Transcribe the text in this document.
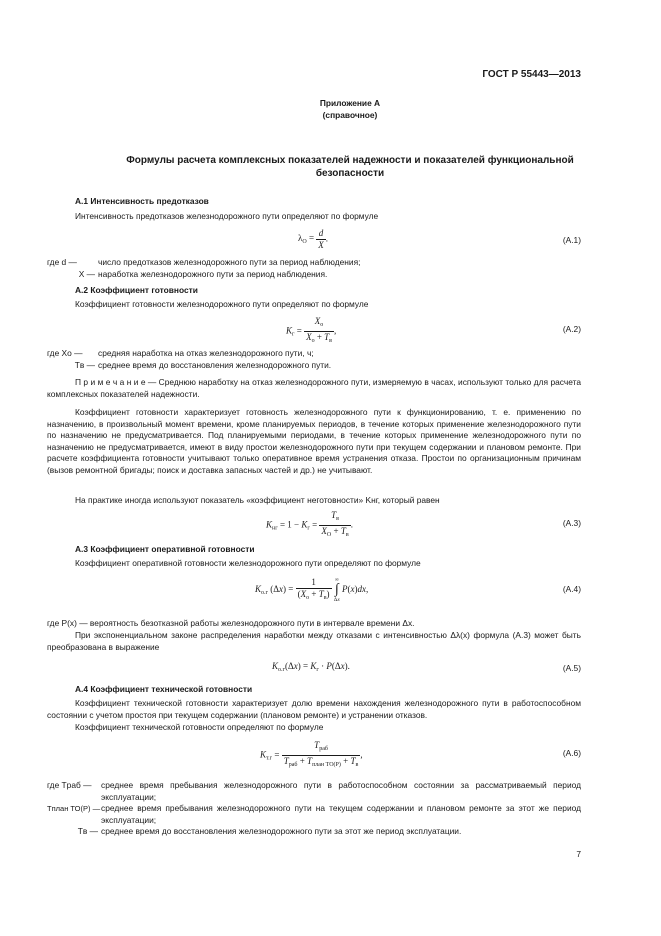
ГОСТ Р 55443—2013
Приложение А
(справочное)
Формулы расчета комплексных показателей надежности и показателей функциональной
безопасности
А.1 Интенсивность предотказов
Интенсивность предотказов железнодорожного пути определяют по формуле
$\lambda_О = \frac{d}{X}$ .	(А.1)
где d —	число предотказов железнодорожного пути за период наблюдения;
X —	наработка железнодорожного пути за период наблюдения.
А.2 Коэффициент готовности
Коэффициент готовности железнодорожного пути определяют по формуле
$K_г = \frac{X_о}{X_о + T_в}$ ,	(А.2)
где Xо —	средняя наработка на отказ железнодорожного пути, ч;
Tв —	среднее время до восстановления железнодорожного пути.
П р и м е ч а н и е — Среднюю наработку на отказ железнодорожного пути, измеряемую в часах, используют только для расчета комплексных показателей надежности.
Коэффициент готовности характеризует готовность железнодорожного пути к функционированию, т. е. применению по назначению, в произвольный момент времени, кроме планируемых периодов, в течение которых применение железнодорожного пути по назначению не предусматривается. Под планируемыми периодами, в течение которых применение железнодорожного пути по назначению не предусматривается, имеют в виду простои железнодорожного пути при текущем содержании и плановом ремонте. При расчете коэффициента готовности учитывают только оперативное время устранения отказа. Простои по организационным причинам (вызов ремонтной бригады; поиск и доставка запасных частей и др.) не учитывают.
На практике иногда используют показатель «коэффициент неготовности» Kнг, который равен
$K_{нг} = 1 - K_г = \frac{T_в}{X_О + T_в}$ .	(А.3)
А.3 Коэффициент оперативной готовности
Коэффициент оперативной готовности железнодорожного пути определяют по формуле
$K_{о.г}$ $(\Delta x) = \frac{1}{(X_о + T_в)}$
∞
∫
Δx
P(x)dx,	(А.4)
где P(x) — вероятность безотказной работы железнодорожного пути в интервале времени Δx.
При экспоненциальном законе распределения наработки между отказами с интенсивностью Δλ(x) формула (А.3) может быть преобразована в выражение
$K_{о.г}(\Delta x) = K_г \cdot P(\Delta x)$.	(А.5)
А.4 Коэффициент технической готовности
Коэффициент технической готовности характеризует долю времени нахождения железнодорожного пути в работоспособном состоянии с учетом простоя при текущем содержании (плановом ремонте) и устранении отказов.
Коэффициент технической готовности определяют по формуле
$K_{т.г} = \frac{T_{раб}}{T_{раб} + T_{план ТО(Р)} + T_в}$ ,	(А.6)
где Tраб —	среднее время пребывания железнодорожного пути в работоспособном состоянии за рассматриваемый период эксплуатации;
Tплан ТО(Р) —	среднее время пребывания железнодорожного пути на текущем содержании и плановом ремонте за этот же период эксплуатации;
Tв —	среднее время до восстановления железнодорожного пути за этот же период эксплуатации.
7
